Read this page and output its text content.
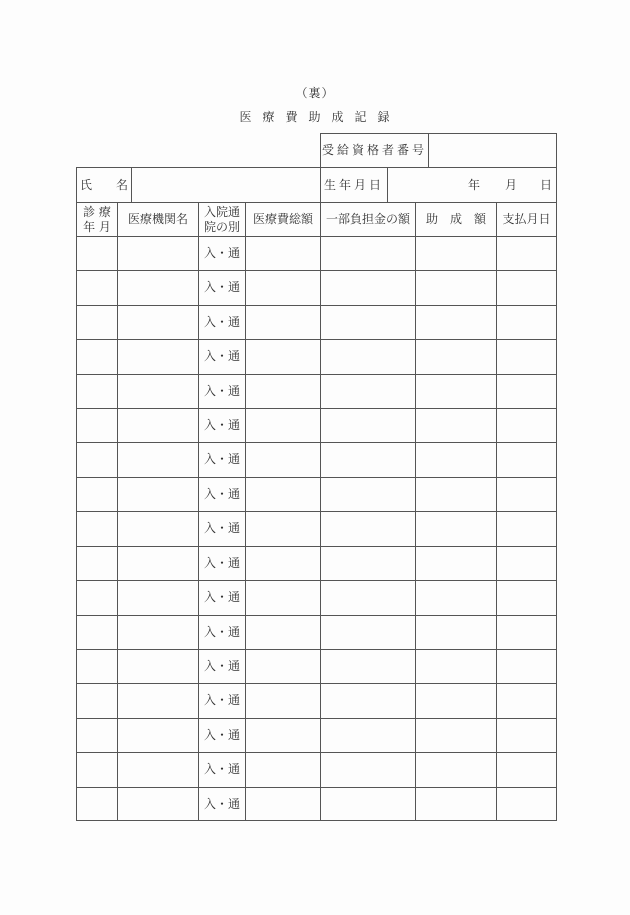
（裏）
医療費助成記録
受給資格者番号
氏　　名	生年月日	年 月 日
診 療
年 月
医療機関名
入院通
院の別
医療費総額 一部負担金の額 助　成　額 支払月日
入・通
入・通
入・通
入・通
入・通
入・通
入・通
入・通
入・通
入・通
入・通
入・通
入・通
入・通
入・通
入・通
入・通
